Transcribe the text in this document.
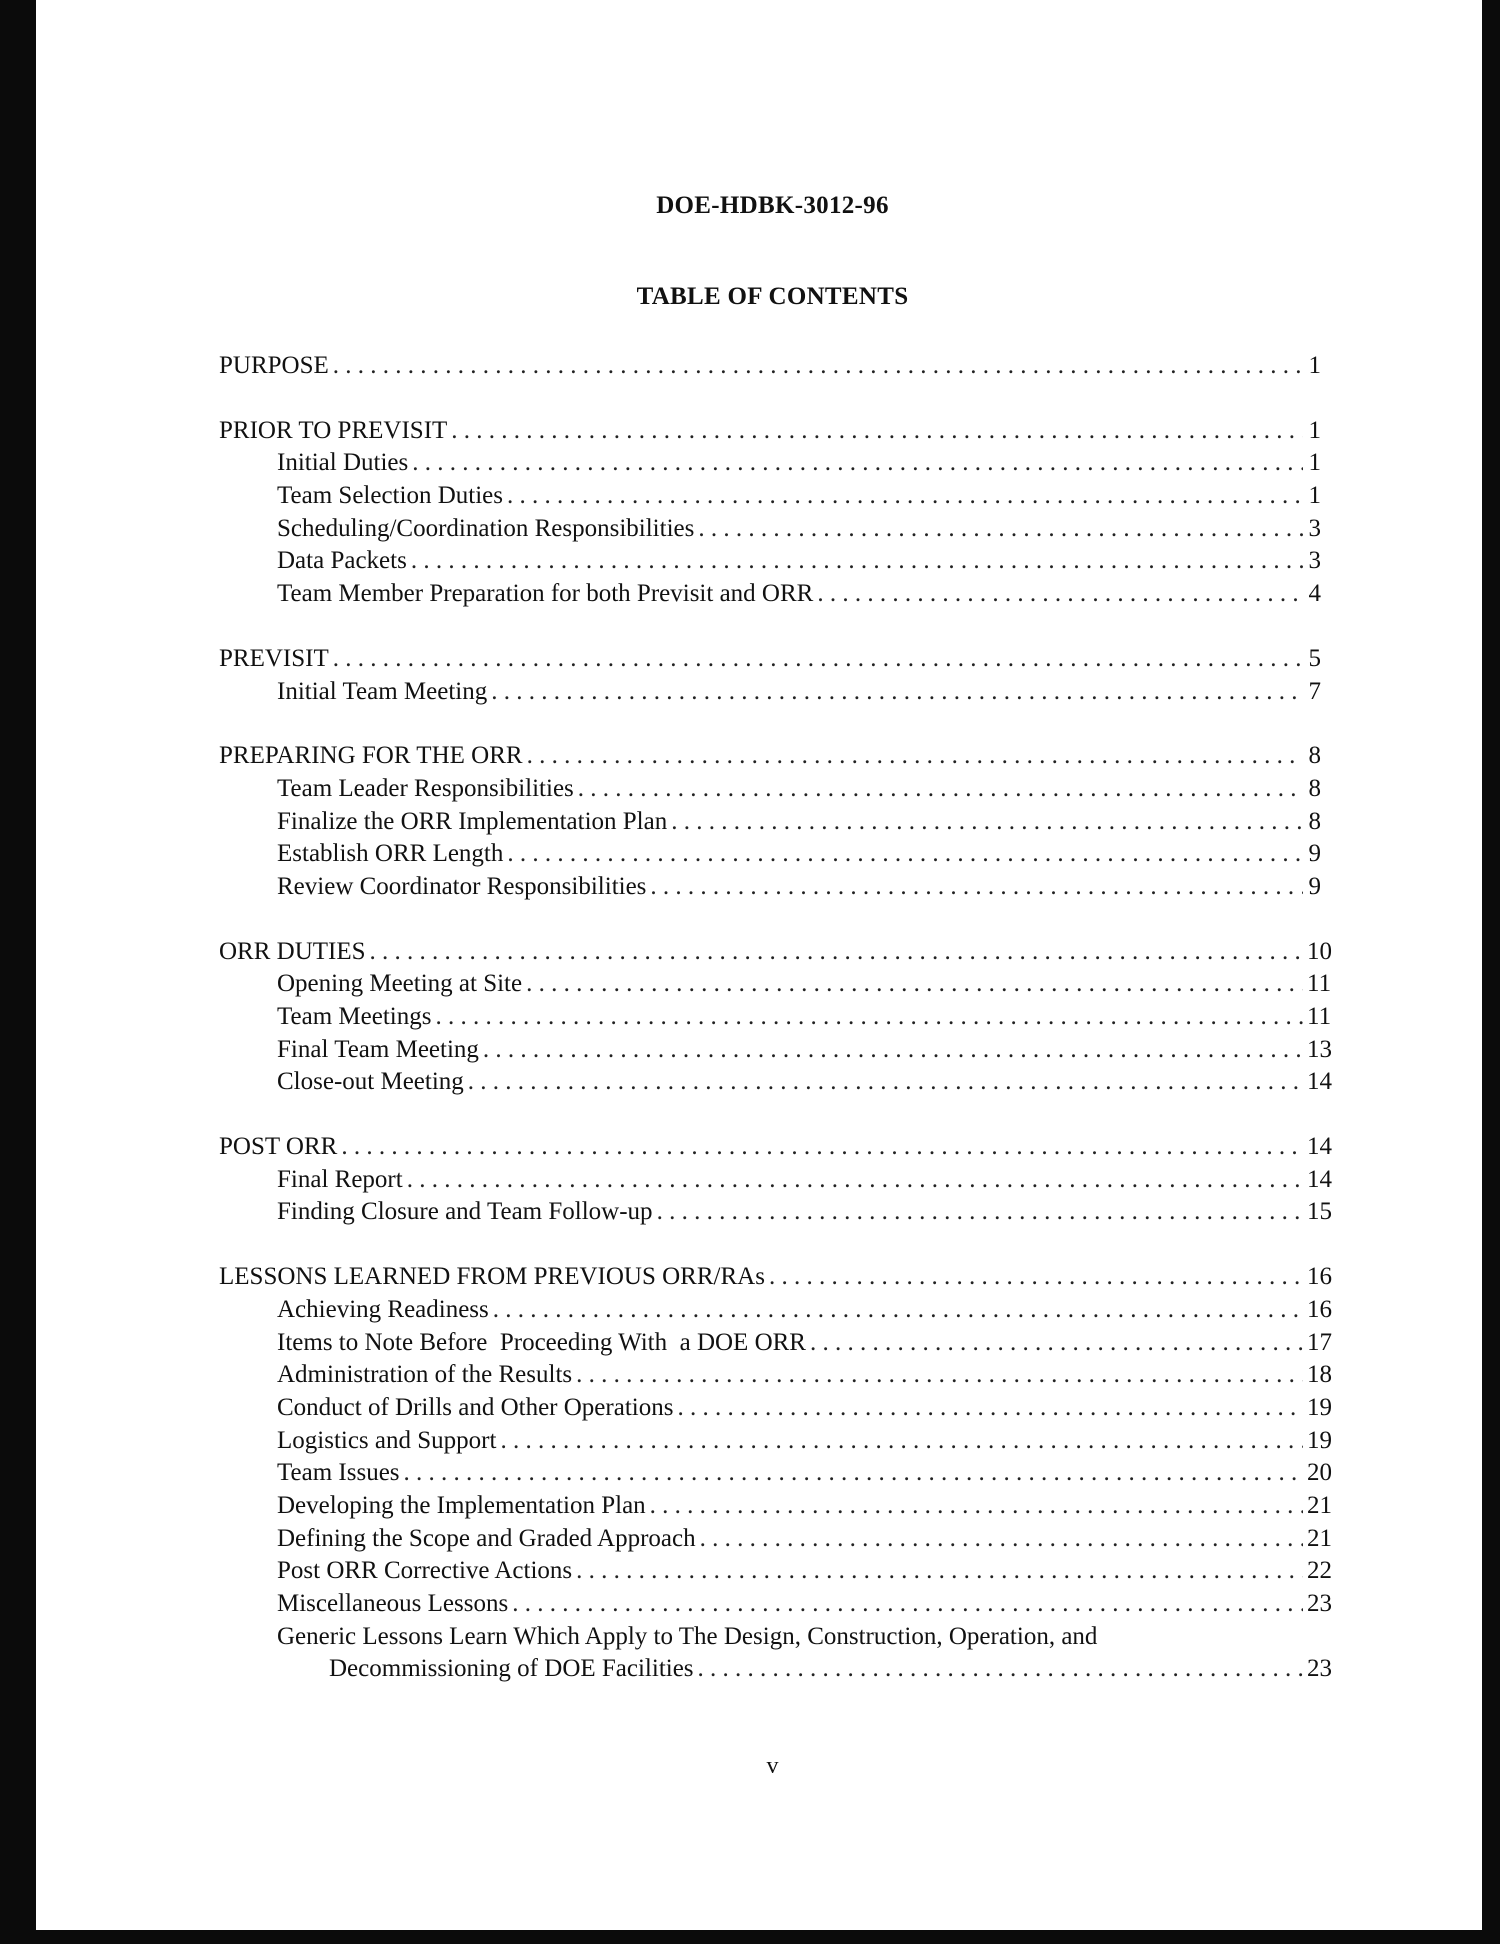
DOE-HDBK-3012-96
TABLE OF CONTENTS
PURPOSE . . .	1
PRIOR TO PREVISIT . . .	1
Initial Duties . . .	1
Team Selection Duties . . .	1
Scheduling/Coordination Responsibilities . . .	3
Data Packets . . .	3
Team Member Preparation for both Previsit and ORR . . .	4
PREVISIT . . .	5
Initial Team Meeting . . .	7
PREPARING FOR THE ORR . . .	8
Team Leader Responsibilities . . .	8
Finalize the ORR Implementation Plan . . .	8
Establish ORR Length . . .	9
Review Coordinator Responsibilities . . .	9
ORR DUTIES . . .	10
Opening Meeting at Site . . .	11
Team Meetings . . .	11
Final Team Meeting . . .	13
Close-out Meeting . . .	14
POST ORR . . .	14
Final Report . . .	14
Finding Closure and Team Follow-up . . .	15
LESSONS LEARNED FROM PREVIOUS ORR/RAs . . .	16
Achieving Readiness . . .	16
Items to Note Before  Proceeding With  a DOE ORR . . .	17
Administration of the Results . . .	18
Conduct of Drills and Other Operations . . .	19
Logistics and Support . . .	19
Team Issues . . .	20
Developing the Implementation Plan . . .	21
Defining the Scope and Graded Approach . . .	21
Post ORR Corrective Actions . . .	22
Miscellaneous Lessons . . .	23
Generic Lessons Learn Which Apply to The Design, Construction, Operation, and
Decommissioning of DOE Facilities . . .	23
v
